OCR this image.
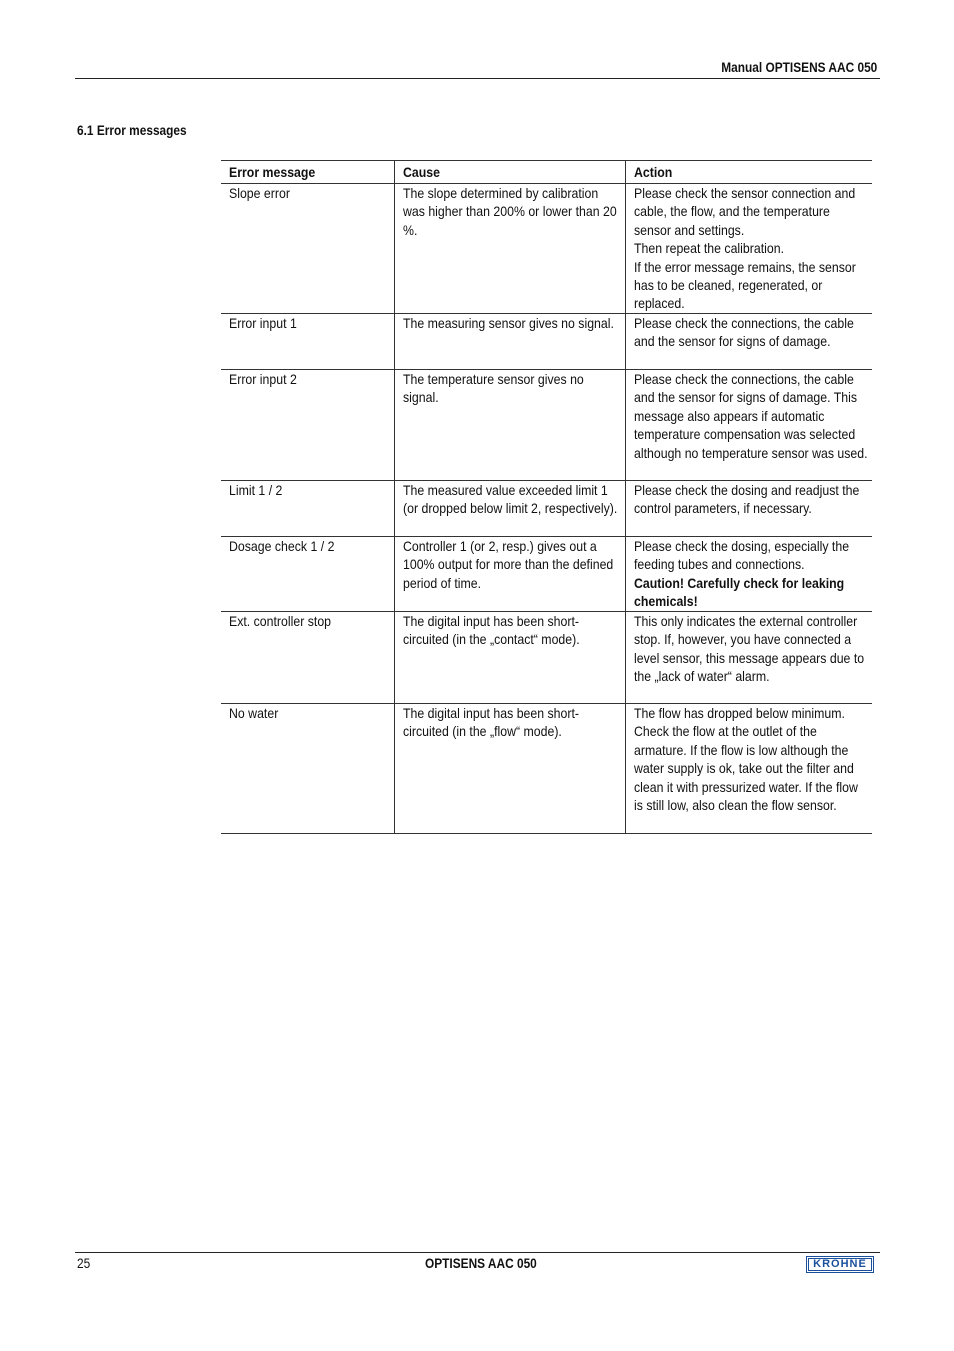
Manual OPTISENS AAC 050
6.1 Error messages
Error message	Cause	Action

Slope error	The slope determined by calibration was higher than 200% or lower than 20 %.	Please check the sensor connection and cable, the flow, and the temperature sensor and settings.
Then repeat the calibration.
If the error message remains, the sensor has to be cleaned, regenerated, or replaced.

Error input 1	The measuring sensor gives no signal.	Please check the connections, the cable and the sensor for signs of damage.

Error input 2	The temperature sensor gives no signal.	Please check the connections, the cable and the sensor for signs of damage. This message also appears if automatic temperature compensation was selected although no temperature sensor was used.

Limit 1 / 2	The measured value exceeded limit 1 (or dropped below limit 2, respectively).	Please check the dosing and readjust the control parameters, if necessary.

Dosage check 1 / 2	Controller 1 (or 2, resp.) gives out a 100% output for more than the defined period of time.	Please check the dosing, especially the feeding tubes and connections.
Caution! Carefully check for leaking chemicals!

Ext. controller stop	The digital input has been short-circuited (in the „contact“ mode).	This only indicates the external controller stop. If, however, you have connected a level sensor, this message appears due to the „lack of water“ alarm.

No water	The digital input has been short-circuited (in the „flow“ mode).	The flow has dropped below minimum. Check the flow at the outlet of the armature. If the flow is low although the water supply is ok, take out the filter and clean it with pressurized water. If the flow is still low, also clean the flow sensor.
25	OPTISENS AAC 050	KROHNE
